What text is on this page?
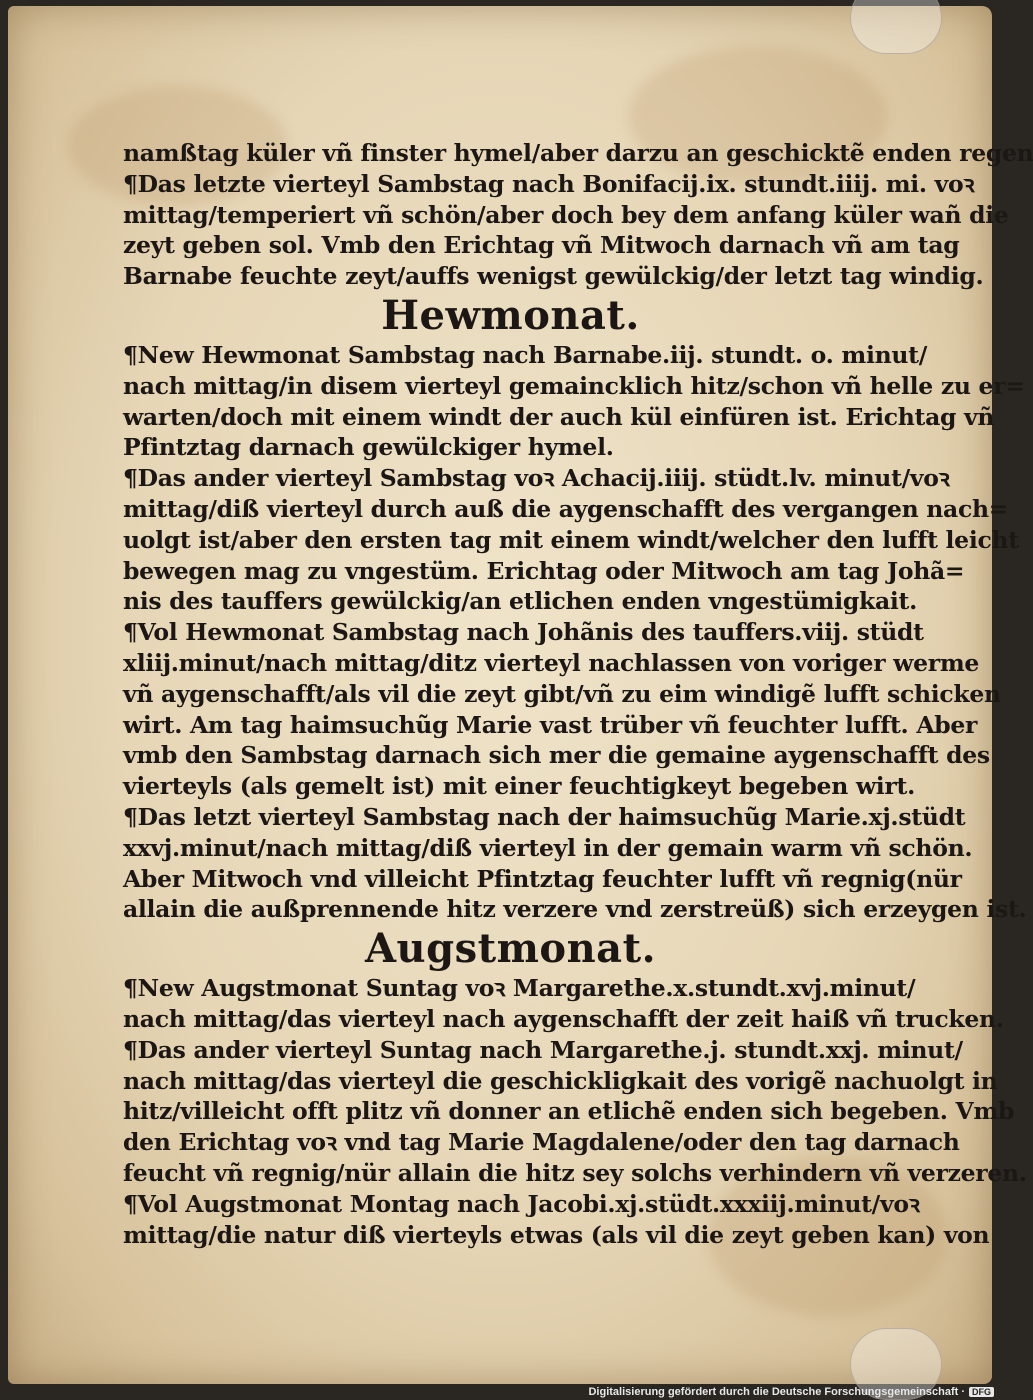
namßtag küler vñ finster hymel/aber darzu an geschicktẽ enden regen
¶Das letzte vierteyl Sambstag nach Bonifacij.ix. stundt.iiij. mi. voꝛ
mittag/temperiert vñ schön/aber doch bey dem anfang küler wañ die
zeyt geben sol. Vmb den Erichtag vñ Mitwoch darnach vñ am tag
Barnabe feuchte zeyt/auffs wenigst gewülckig/der letzt tag windig.
Hewmonat.
¶New Hewmonat Sambstag nach Barnabe.iij. stundt. o. minut/
nach mittag/in disem vierteyl gemaincklich hitz/schon vñ helle zu er=
warten/doch mit einem windt der auch kül einfüren ist. Erichtag vñ
Pfintztag darnach gewülckiger hymel.
¶Das ander vierteyl Sambstag voꝛ Achacij.iiij. stüdt.lv. minut/voꝛ
mittag/diß vierteyl durch auß die aygenschafft des vergangen nach=
uolgt ist/aber den ersten tag mit einem windt/welcher den lufft leicht
bewegen mag zu vngestüm. Erichtag oder Mitwoch am tag Johã=
nis des tauffers gewülckig/an etlichen enden vngestümigkait.
¶Vol Hewmonat Sambstag nach Johãnis des tauffers.viij. stüdt
xliij.minut/nach mittag/ditz vierteyl nachlassen von voriger werme
vñ aygenschafft/als vil die zeyt gibt/vñ zu eim windigẽ lufft schicken
wirt. Am tag haimsuchũg Marie vast trüber vñ feuchter lufft. Aber
vmb den Sambstag darnach sich mer die gemaine aygenschafft des
vierteyls (als gemelt ist) mit einer feuchtigkeyt begeben wirt.
¶Das letzt vierteyl Sambstag nach der haimsuchũg Marie.xj.stüdt
xxvj.minut/nach mittag/diß vierteyl in der gemain warm vñ schön.
Aber Mitwoch vnd villeicht Pfintztag feuchter lufft vñ regnig(nür
allain die außprennende hitz verzere vnd zerstreüß) sich erzeygen ist.
Augstmonat.
¶New Augstmonat Suntag voꝛ Margarethe.x.stundt.xvj.minut/
nach mittag/das vierteyl nach aygenschafft der zeit haiß vñ trucken.
¶Das ander vierteyl Suntag nach Margarethe.j. stundt.xxj. minut/
nach mittag/das vierteyl die geschickligkait des vorigẽ nachuolgt in
hitz/villeicht offt plitz vñ donner an etlichẽ enden sich begeben. Vmb
den Erichtag voꝛ vnd tag Marie Magdalene/oder den tag darnach
feucht vñ regnig/nür allain die hitz sey solchs verhindern vñ verzeren.
¶Vol Augstmonat Montag nach Jacobi.xj.stüdt.xxxiij.minut/voꝛ
mittag/die natur diß vierteyls etwas (als vil die zeyt geben kan) von
Digitalisierung gefördert durch die Deutsche Forschungsgemeinschaft · DFG
